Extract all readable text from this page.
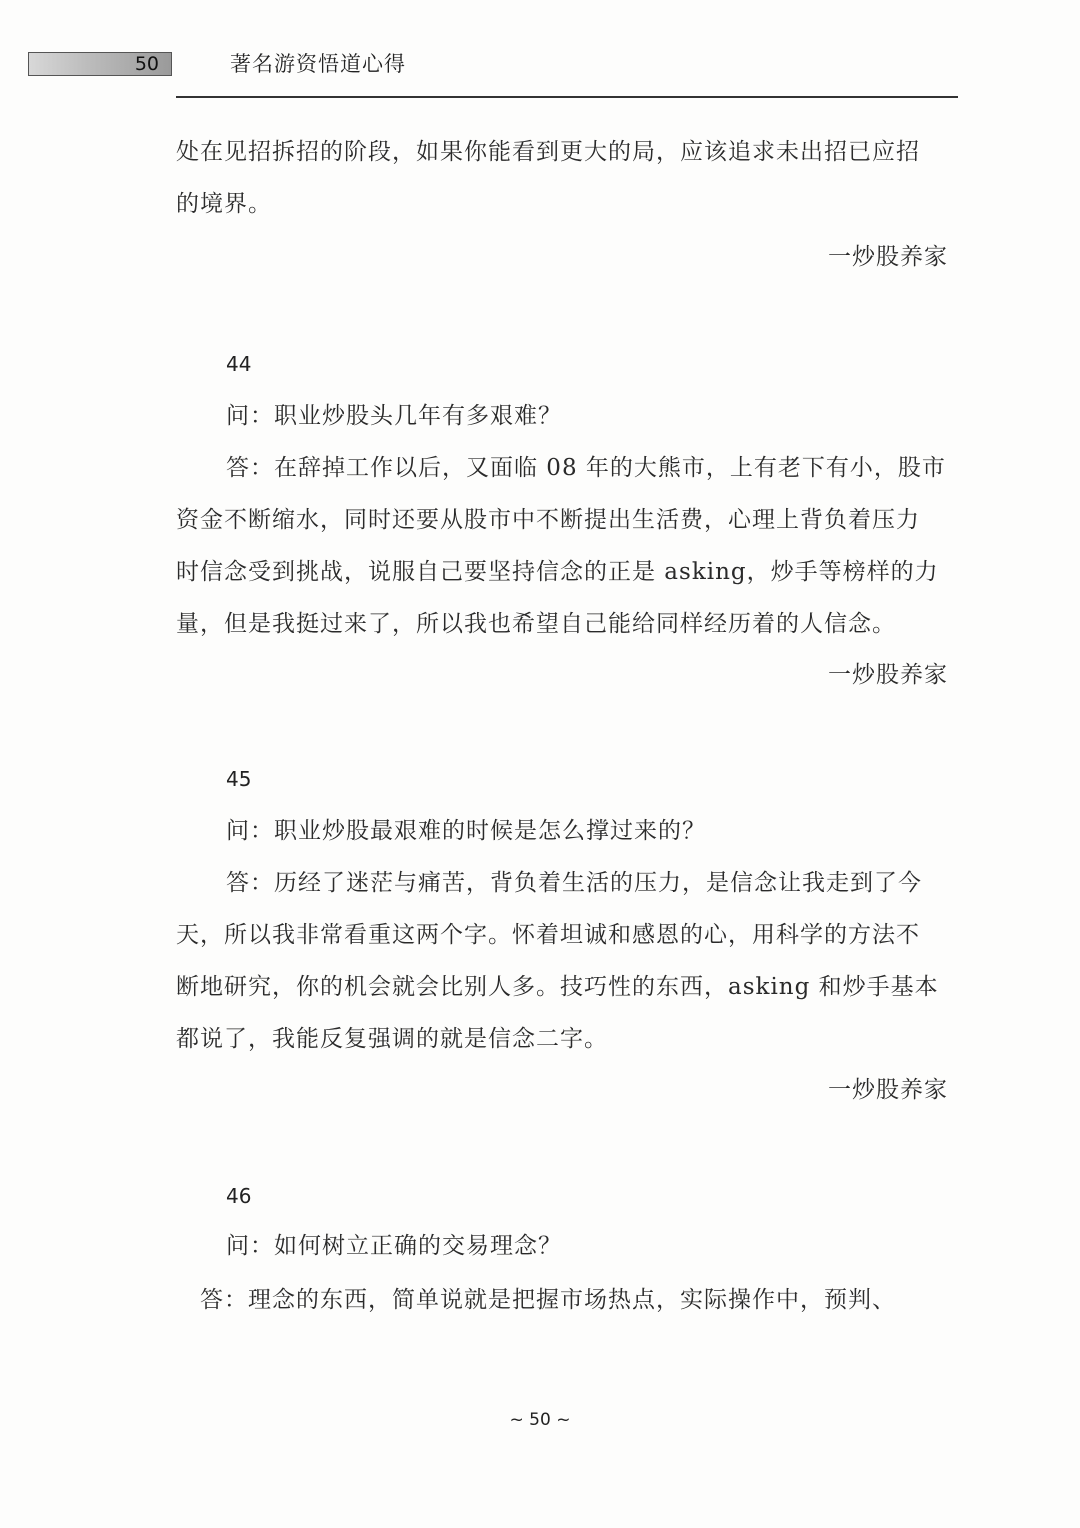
50	著名游资悟道心得
处在见招拆招的阶段，如果你能看到更大的局，应该追求未出招已应招
的境界。
一炒股养家
44
问：职业炒股头几年有多艰难？
答：在辞掉工作以后，又面临 08 年的大熊市，上有老下有小，股市
资金不断缩水，同时还要从股市中不断提出生活费，心理上背负着压力
时信念受到挑战，说服自己要坚持信念的正是 asking，炒手等榜样的力
量，但是我挺过来了，所以我也希望自己能给同样经历着的人信念。
一炒股养家
45
问：职业炒股最艰难的时候是怎么撑过来的？
答：历经了迷茫与痛苦，背负着生活的压力，是信念让我走到了今
天，所以我非常看重这两个字。怀着坦诚和感恩的心，用科学的方法不
断地研究，你的机会就会比别人多。技巧性的东西，asking 和炒手基本
都说了，我能反复强调的就是信念二字。
一炒股养家
46
问：如何树立正确的交易理念？
答：理念的东西，简单说就是把握市场热点，实际操作中，预判、
~ 50 ~
